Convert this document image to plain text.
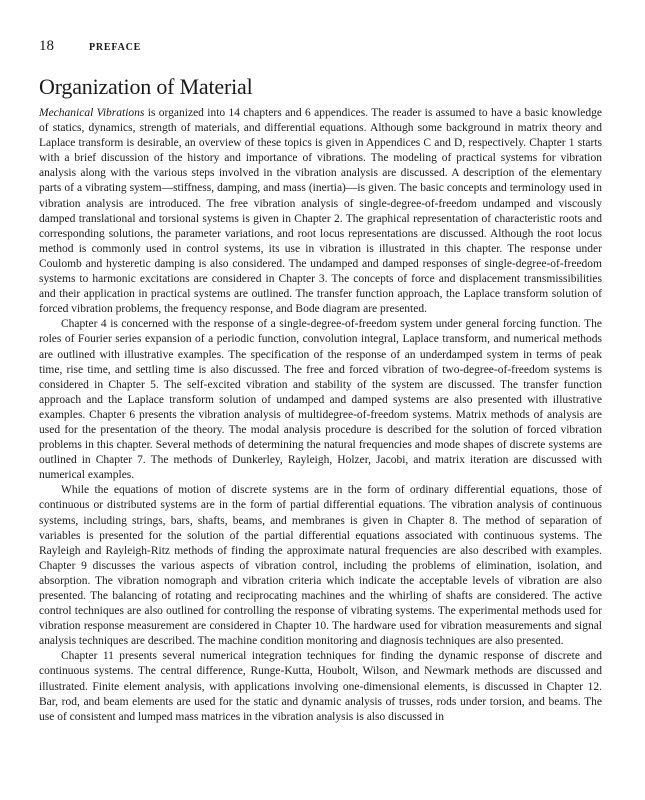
18	PREFACE
Organization of Material

Mechanical Vibrations is organized into 14 chapters and 6 appendices. The reader is assumed to have a basic knowledge of statics, dynamics, strength of materials, and differential equations. Although some background in matrix theory and Laplace transform is desirable, an overview of these topics is given in Appendices C and D, respectively. Chapter 1 starts with a brief discussion of the history and importance of vibrations. The modeling of practical systems for vibration analysis along with the various steps involved in the vibration analysis are discussed. A description of the elementary parts of a vibrating system—stiffness, damping, and mass (inertia)—is given. The basic concepts and terminology used in vibration analysis are introduced. The free vibration analysis of single-degree-of-freedom undamped and viscously damped translational and torsional systems is given in Chapter 2. The graphical representation of characteristic roots and corresponding solutions, the parameter variations, and root locus representations are discussed. Although the root locus method is commonly used in control systems, its use in vibration is illustrated in this chapter. The response under Coulomb and hysteretic damping is also considered. The undamped and damped responses of single-degree-of-freedom systems to harmonic excitations are considered in Chapter 3. The concepts of force and displacement transmissibilities and their application in practical systems are outlined. The transfer function approach, the Laplace transform solution of forced vibration problems, the frequency response, and Bode diagram are presented.

Chapter 4 is concerned with the response of a single-degree-of-freedom system under general forcing function. The roles of Fourier series expansion of a periodic function, convolution integral, Laplace transform, and numerical methods are outlined with illustrative examples. The specification of the response of an underdamped system in terms of peak time, rise time, and settling time is also discussed. The free and forced vibration of two-degree-of-freedom systems is considered in Chapter 5. The self-excited vibration and stability of the system are discussed. The transfer function approach and the Laplace transform solution of undamped and damped systems are also presented with illustrative examples. Chapter 6 presents the vibration analysis of multidegree-of-freedom systems. Matrix methods of analysis are used for the presentation of the theory. The modal analysis procedure is described for the solution of forced vibration problems in this chapter. Several methods of determining the natural frequencies and mode shapes of discrete systems are outlined in Chapter 7. The methods of Dunkerley, Rayleigh, Holzer, Jacobi, and matrix iteration are discussed with numerical examples.

While the equations of motion of discrete systems are in the form of ordinary differential equations, those of continuous or distributed systems are in the form of partial differential equations. The vibration analysis of continuous systems, including strings, bars, shafts, beams, and membranes is given in Chapter 8. The method of separation of variables is presented for the solution of the partial differential equations associated with continuous systems. The Rayleigh and Rayleigh-Ritz methods of finding the approximate natural frequencies are also described with examples. Chapter 9 discusses the various aspects of vibration control, including the problems of elimination, isolation, and absorption. The vibration nomograph and vibration criteria which indicate the acceptable levels of vibration are also presented. The balancing of rotating and reciprocating machines and the whirling of shafts are considered. The active control techniques are also outlined for controlling the response of vibrating systems. The experimental methods used for vibration response measurement are considered in Chapter 10. The hardware used for vibration measurements and signal analysis techniques are described. The machine condition monitoring and diagnosis techniques are also presented.

Chapter 11 presents several numerical integration techniques for finding the dynamic response of discrete and continuous systems. The central difference, Runge-Kutta, Houbolt, Wilson, and Newmark methods are discussed and illustrated. Finite element analysis, with applications involving one-dimensional elements, is discussed in Chapter 12. Bar, rod, and beam elements are used for the static and dynamic analysis of trusses, rods under torsion, and beams. The use of consistent and lumped mass matrices in the vibration analysis is also discussed in
